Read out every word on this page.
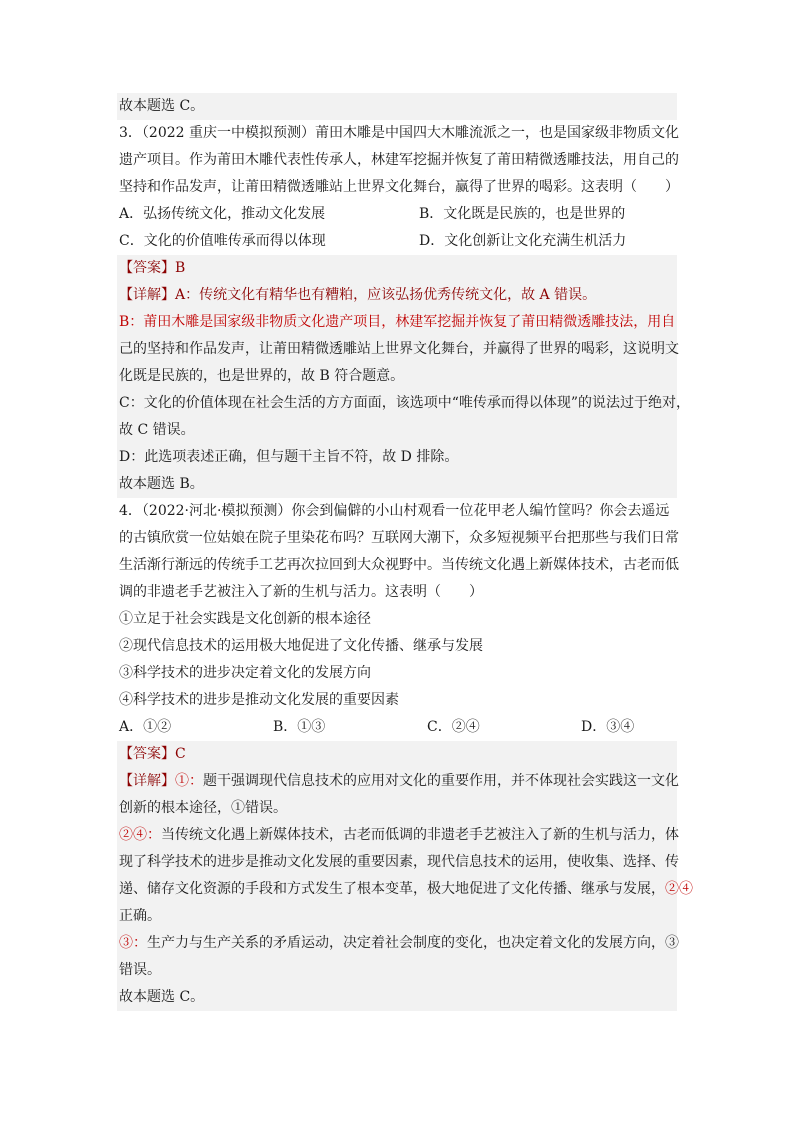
故本题选 C。
3．（2022 重庆一中模拟预测）莆田木雕是中国四大木雕流派之一，也是国家级非物质文化
遗产项目。作为莆田木雕代表性传承人，林建军挖掘并恢复了莆田精微透雕技法，用自己的
坚持和作品发声，让莆田精微透雕站上世界文化舞台，赢得了世界的喝彩。这表明（　　）
A．弘扬传统文化，推动文化发展	B．文化既是民族的，也是世界的
C．文化的价值唯传承而得以体现	D．文化创新让文化充满生机活力
【答案】B
【详解】A：传统文化有精华也有糟粕，应该弘扬优秀传统文化，故 A 错误。
B：莆田木雕是国家级非物质文化遗产项目，林建军挖掘并恢复了莆田精微透雕技法，用自
己的坚持和作品发声，让莆田精微透雕站上世界文化舞台，并赢得了世界的喝彩，这说明文
化既是民族的，也是世界的，故 B 符合题意。
C：文化的价值体现在社会生活的方方面面，该选项中“唯传承而得以体现”的说法过于绝对，
故 C 错误。
D：此选项表述正确，但与题干主旨不符，故 D 排除。
故本题选 B。
4．（2022·河北·模拟预测）你会到偏僻的小山村观看一位花甲老人编竹筐吗？你会去遥远
的古镇欣赏一位姑娘在院子里染花布吗？互联网大潮下，众多短视频平台把那些与我们日常
生活渐行渐远的传统手工艺再次拉回到大众视野中。当传统文化遇上新媒体技术，古老而低
调的非遗老手艺被注入了新的生机与活力。这表明（　　）
①立足于社会实践是文化创新的根本途径
②现代信息技术的运用极大地促进了文化传播、继承与发展
③科学技术的进步决定着文化的发展方向
④科学技术的进步是推动文化发展的重要因素
A．①②	B．①③	C．②④	D．③④
【答案】C
【详解】①：题干强调现代信息技术的应用对文化的重要作用，并不体现社会实践这一文化
创新的根本途径，①错误。
②④：当传统文化遇上新媒体技术，古老而低调的非遗老手艺被注入了新的生机与活力，体
现了科学技术的进步是推动文化发展的重要因素，现代信息技术的运用，使收集、选择、传
递、储存文化资源的手段和方式发生了根本变革，极大地促进了文化传播、继承与发展，②④
正确。
③：生产力与生产关系的矛盾运动，决定着社会制度的变化，也决定着文化的发展方向，③
错误。
故本题选 C。
